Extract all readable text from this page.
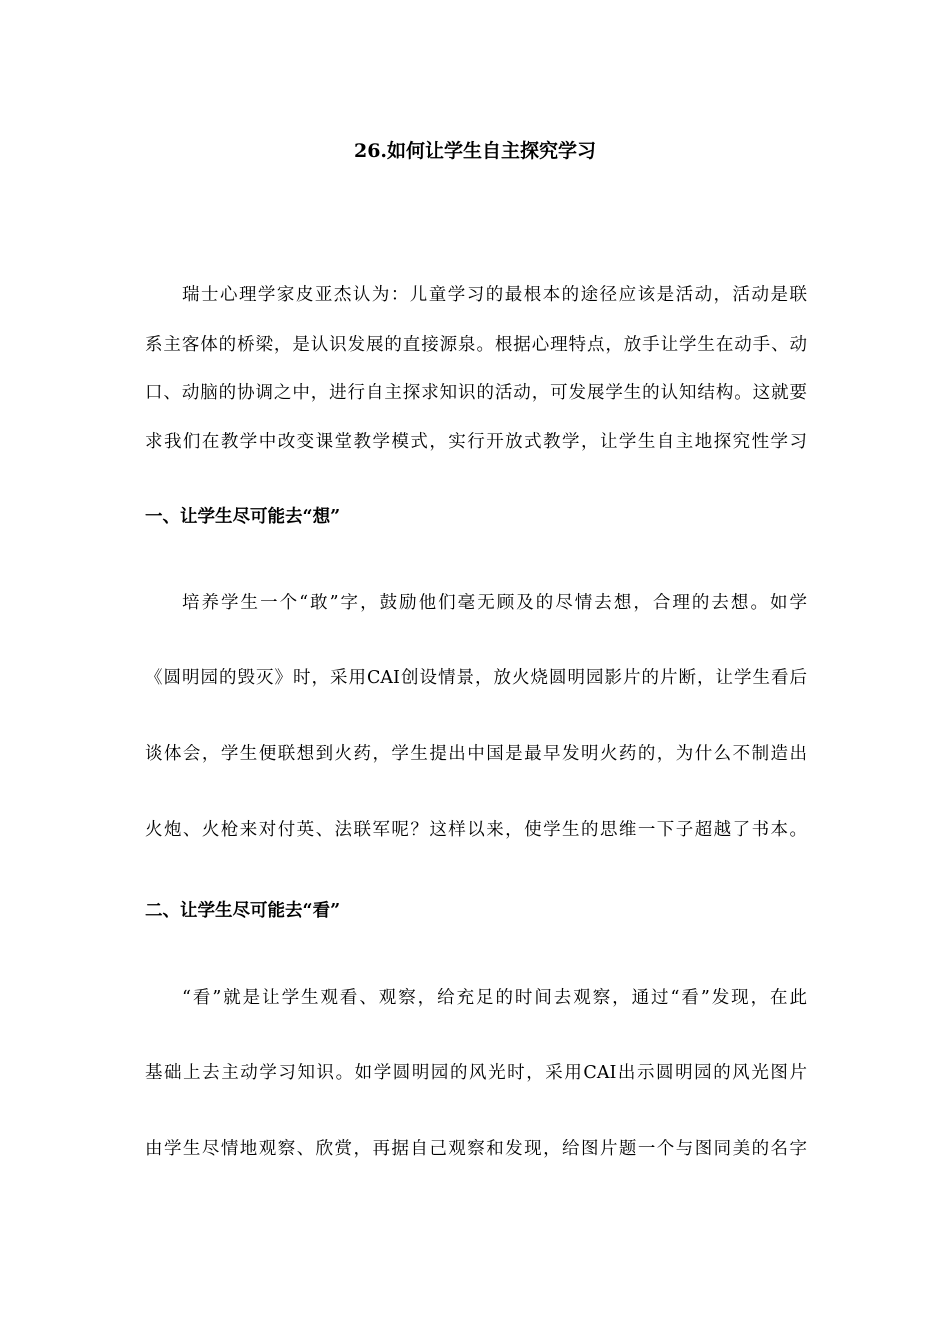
26.如何让学生自主探究学习
瑞士心理学家皮亚杰认为：儿童学习的最根本的途径应该是活动，活动是联
系主客体的桥梁，是认识发展的直接源泉。根据心理特点，放手让学生在动手、动
口、动脑的协调之中，进行自主探求知识的活动，可发展学生的认知结构。这就要
求我们在教学中改变课堂教学模式，实行开放式教学，让学生自主地探究性学习
一、让学生尽可能去“想”
培养学生一个“敢”字，鼓励他们毫无顾及的尽情去想，合理的去想。如学
《圆明园的毁灭》时，采用CAI创设情景，放火烧圆明园影片的片断，让学生看后
谈体会，学生便联想到火药，学生提出中国是最早发明火药的，为什么不制造出
火炮、火枪来对付英、法联军呢？这样以来，使学生的思维一下子超越了书本。
二、让学生尽可能去“看”
“看”就是让学生观看、观察，给充足的时间去观察，通过“看”发现，在此
基础上去主动学习知识。如学圆明园的风光时，采用CAI出示圆明园的风光图片
由学生尽情地观察、欣赏，再据自己观察和发现，给图片题一个与图同美的名字
